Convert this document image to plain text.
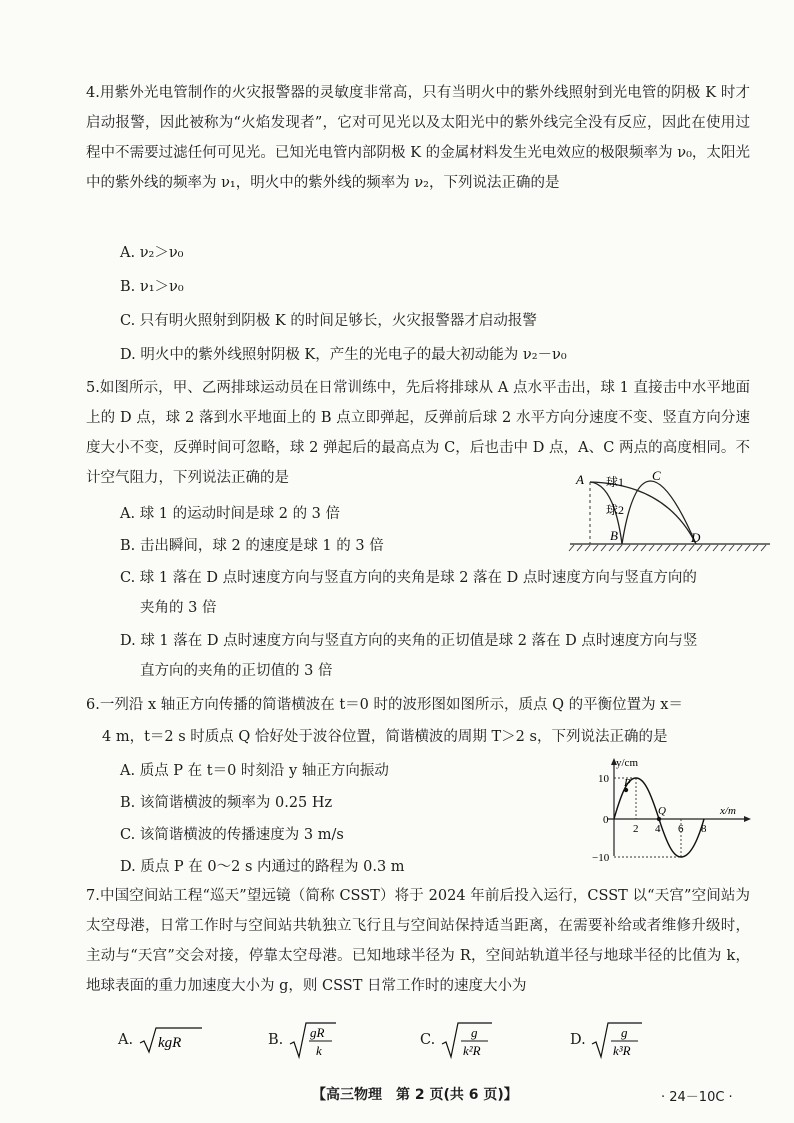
4.用紫外光电管制作的火灾报警器的灵敏度非常高，只有当明火中的紫外线照射到光电管的阴极 K 时才启动报警，因此被称为“火焰发现者”，它对可见光以及太阳光中的紫外线完全没有反应，因此在使用过程中不需要过滤任何可见光。已知光电管内部阴极 K 的金属材料发生光电效应的极限频率为 ν₀，太阳光中的紫外线的频率为 ν₁，明火中的紫外线的频率为 ν₂，下列说法正确的是

A. ν₂＞ν₀
B. ν₁＞ν₀
C. 只有明火照射到阴极 K 的时间足够长，火灾报警器才启动报警
D. 明火中的紫外线照射阴极 K，产生的光电子的最大初动能为 ν₂－ν₀

5.如图所示，甲、乙两排球运动员在日常训练中，先后将排球从 A 点水平击出，球 1 直接击中水平地面上的 D 点，球 2 落到水平地面上的 B 点立即弹起，反弹前后球 2 水平方向分速度不变、竖直方向分速度大小不变，反弹时间可忽略，球 2 弹起后的最高点为 C，后也击中 D 点，A、C 两点的高度相同。不计空气阻力，下列说法正确的是

A. 球 1 的运动时间是球 2 的 3 倍
B. 击出瞬间，球 2 的速度是球 1 的 3 倍
C. 球 1 落在 D 点时速度方向与竖直方向的夹角是球 2 落在 D 点时速度方向与竖直方向的
夹角的 3 倍
D. 球 1 落在 D 点时速度方向与竖直方向的夹角的正切值是球 2 落在 D 点时速度方向与竖
直方向的夹角的正切值的 3 倍
A
B
C
D
球1
球2
6.一列沿 x 轴正方向传播的简谐横波在 t＝0 时的波形图如图所示，质点 Q 的平衡位置为 x＝
4 m，t＝2 s 时质点 Q 恰好处于波谷位置，简谐横波的周期 T＞2 s，下列说法正确的是
A. 质点 P 在 t＝0 时刻沿 y 轴正方向振动
B. 该简谐横波的频率为 0.25 Hz
C. 该简谐横波的传播速度为 3 m/s
D. 质点 P 在 0～2 s 内通过的路程为 0.3 m
y/cm
x/m
10
0
−10
2 4 6 8
P
Q

7.中国空间站工程“巡天”望远镜（简称 CSST）将于 2024 年前后投入运行，CSST 以“天宫”空间站为太空母港，日常工作时与空间站共轨独立飞行且与空间站保持适当距离，在需要补给或者维修升级时，主动与“天宫”交会对接，停靠太空母港。已知地球半径为 R，空间站轨道半径与地球半径的比值为 k，地球表面的重力加速度大小为 g，则 CSST 日常工作时的速度大小为

A. kgR	B. gR
k
C.	g
k²R
D.	g
k³R
【高三物理　第 2 页(共 6 页)】	· 24－10C ·
